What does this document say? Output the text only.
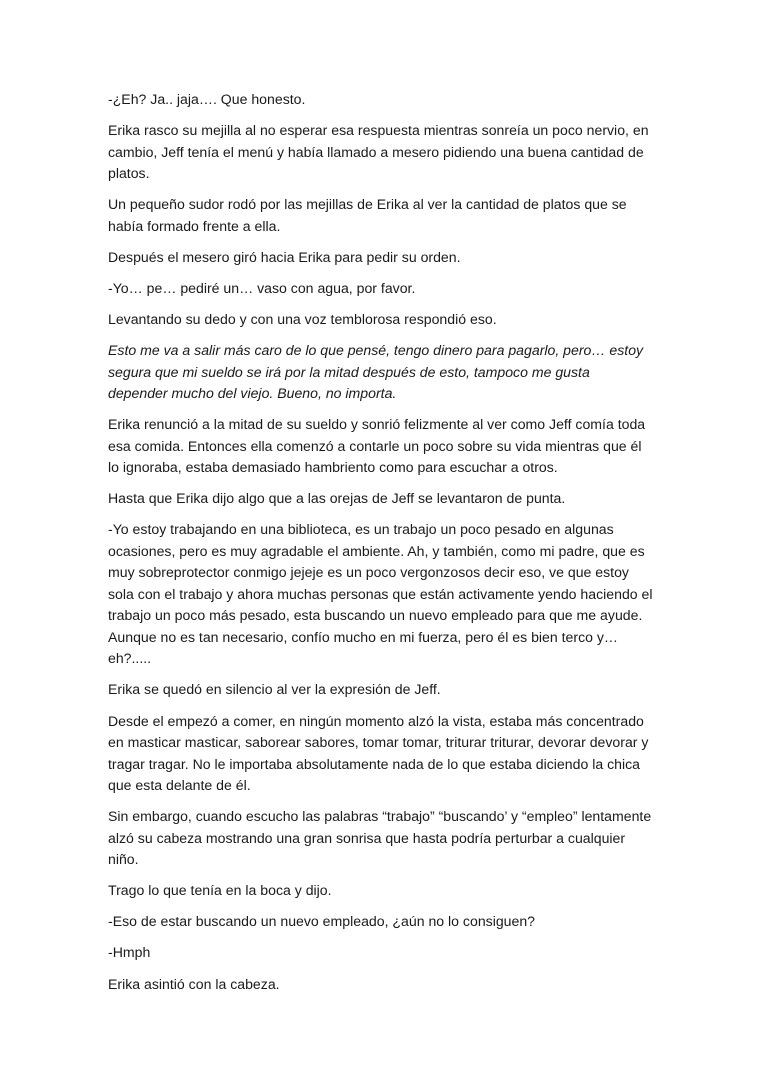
-¿Eh? Ja.. jaja…. Que honesto.

Erika rasco su mejilla al no esperar esa respuesta mientras sonreía un poco nervio, en cambio, Jeff tenía el menú y había llamado a mesero pidiendo una buena cantidad de platos.

Un pequeño sudor rodó por las mejillas de Erika al ver la cantidad de platos que se había formado frente a ella.

Después el mesero giró hacia Erika para pedir su orden.

-Yo… pe… pediré un… vaso con agua, por favor.

Levantando su dedo y con una voz temblorosa respondió eso.

Esto me va a salir más caro de lo que pensé, tengo dinero para pagarlo, pero… estoy segura que mi sueldo se irá por la mitad después de esto, tampoco me gusta depender mucho del viejo. Bueno, no importa.

Erika renunció a la mitad de su sueldo y sonrió felizmente al ver como Jeff comía toda esa comida. Entonces ella comenzó a contarle un poco sobre su vida mientras que él lo ignoraba, estaba demasiado hambriento como para escuchar a otros.

Hasta que Erika dijo algo que a las orejas de Jeff se levantaron de punta.

-Yo estoy trabajando en una biblioteca, es un trabajo un poco pesado en algunas ocasiones, pero es muy agradable el ambiente. Ah, y también, como mi padre, que es muy sobreprotector conmigo jejeje es un poco vergonzosos decir eso, ve que estoy sola con el trabajo y ahora muchas personas que están activamente yendo haciendo el trabajo un poco más pesado, esta buscando un nuevo empleado para que me ayude. Aunque no es tan necesario, confío mucho en mi fuerza, pero él es bien terco y… eh?.....

Erika se quedó en silencio al ver la expresión de Jeff.

Desde el empezó a comer, en ningún momento alzó la vista, estaba más concentrado en masticar masticar, saborear sabores, tomar tomar, triturar triturar, devorar devorar y tragar tragar. No le importaba absolutamente nada de lo que estaba diciendo la chica que esta delante de él.

Sin embargo, cuando escucho las palabras “trabajo” “buscando’ y “empleo” lentamente alzó su cabeza mostrando una gran sonrisa que hasta podría perturbar a cualquier niño.

Trago lo que tenía en la boca y dijo.

-Eso de estar buscando un nuevo empleado, ¿aún no lo consiguen?

-Hmph

Erika asintió con la cabeza.
